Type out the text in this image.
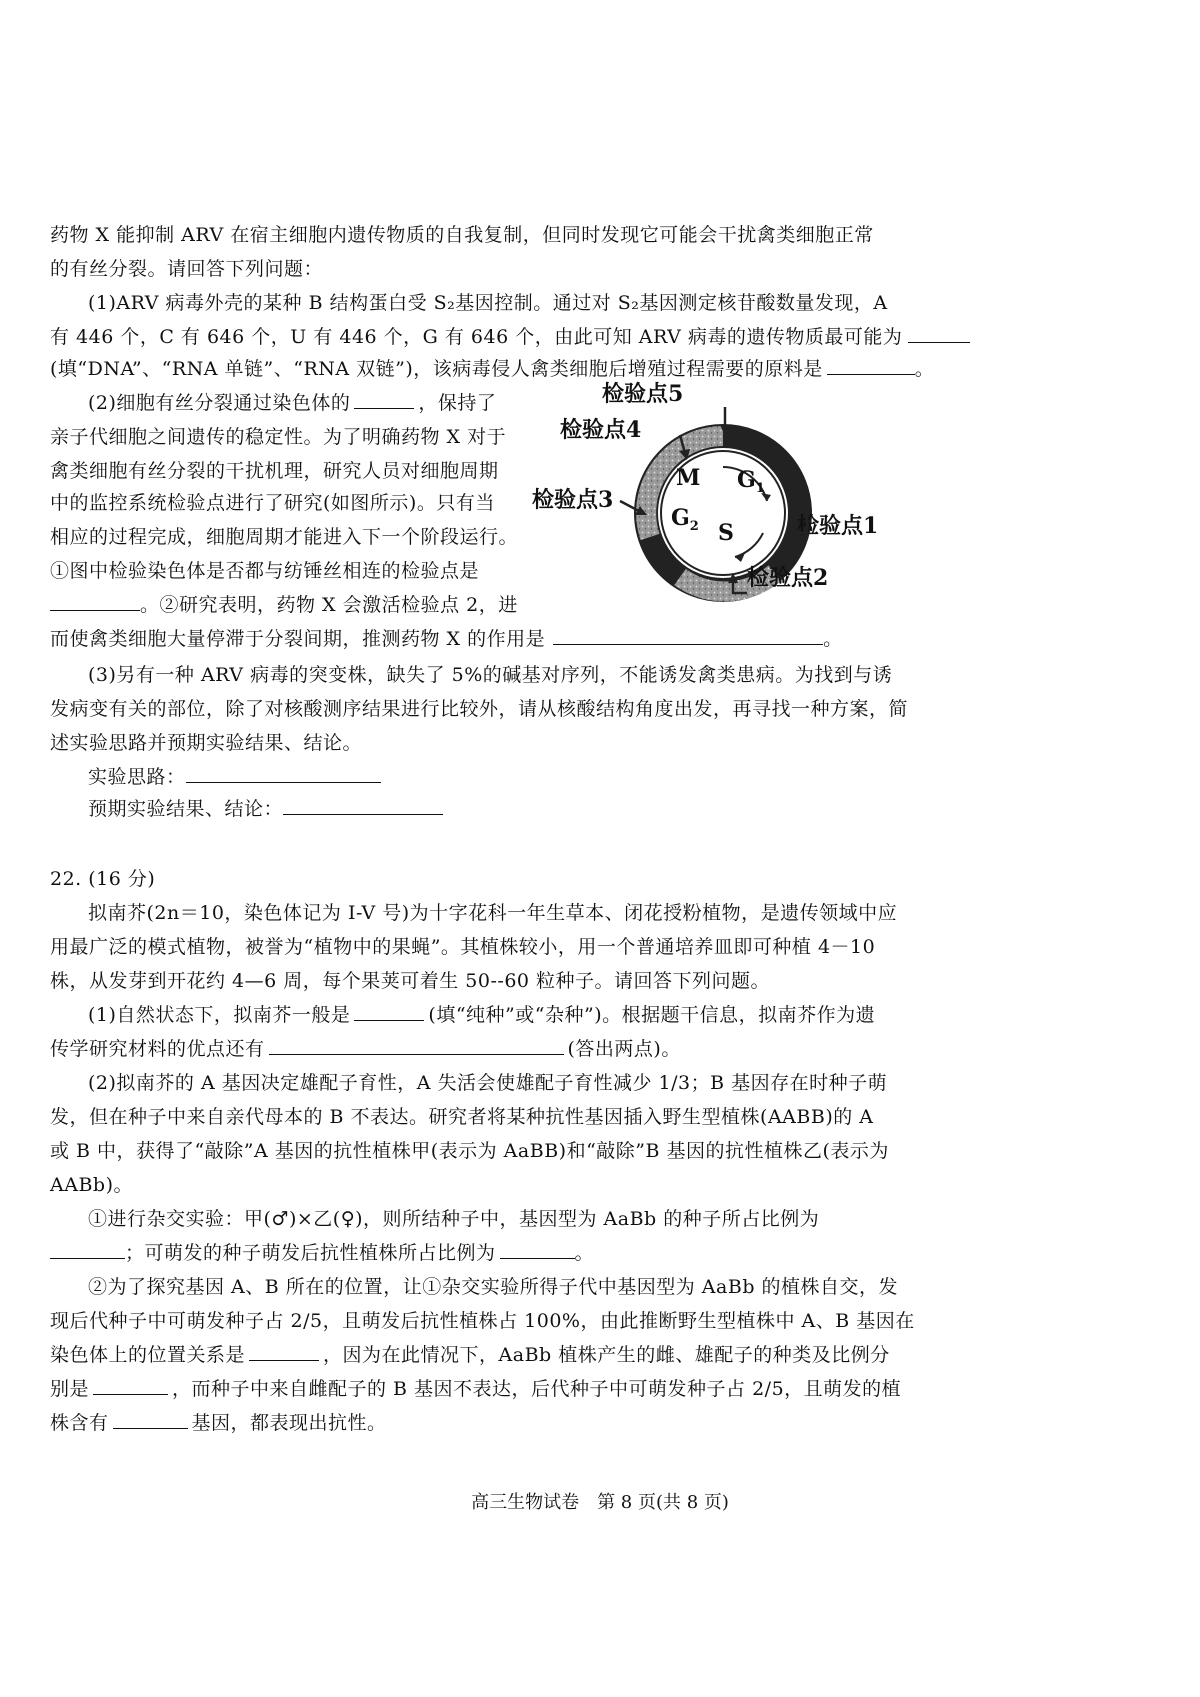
药物 X 能抑制 ARV 在宿主细胞内遗传物质的自我复制，但同时发现它可能会干扰禽类细胞正常
的有丝分裂。请回答下列问题：
(1)ARV 病毒外壳的某种 B 结构蛋白受 S₂基因控制。通过对 S₂基因测定核苷酸数量发现，A
有 446 个，C 有 646 个，U 有 446 个，G 有 646 个，由此可知 ARV 病毒的遗传物质最可能为
(填“DNA”、“RNA 单链”、“RNA 双链”)，该病毒侵人禽类细胞后增殖过程需要的原料是	。
(2)细胞有丝分裂通过染色体的	，保持了
亲子代细胞之间遗传的稳定性。为了明确药物 X 对于
禽类细胞有丝分裂的干扰机理，研究人员对细胞周期
中的监控系统检验点进行了研究(如图所示)。只有当
相应的过程完成，细胞周期才能进入下一个阶段运行。
①图中检验染色体是否都与纺锤丝相连的检验点是
。②研究表明，药物 X 会激活检验点 2，进
而使禽类细胞大量停滞于分裂间期，推测药物 X 的作用是	。
M $G_1$
$G_2$ S
检验点5
检验点4
检验点3
检验点1
检验点2
(3)另有一种 ARV 病毒的突变株，缺失了 5%的碱基对序列，不能诱发禽类患病。为找到与诱
发病变有关的部位，除了对核酸测序结果进行比较外，请从核酸结构角度出发，再寻找一种方案，简
述实验思路并预期实验结果、结论。
实验思路：
预期实验结果、结论：
22. (16 分)
拟南芥(2n＝10，染色体记为 I-V 号)为十字花科一年生草本、闭花授粉植物，是遗传领域中应
用最广泛的模式植物，被誉为“植物中的果蝇”。其植株较小，用一个普通培养皿即可种植 4－10
株，从发芽到开花约 4—6 周，每个果荚可着生 50--60 粒种子。请回答下列问题。
(1)自然状态下，拟南芥一般是	(填“纯种”或“杂种”)。根据题干信息，拟南芥作为遗
传学研究材料的优点还有	(答出两点)。
(2)拟南芥的 A 基因决定雄配子育性，A 失活会使雄配子育性减少 1/3；B 基因存在时种子萌
发，但在种子中来自亲代母本的 B 不表达。研究者将某种抗性基因插入野生型植株(AABB)的 A
或 B 中，获得了“敲除”A 基因的抗性植株甲(表示为 AaBB)和“敲除”B 基因的抗性植株乙(表示为
AABb)。
①进行杂交实验：甲(♂)×乙(♀)，则所结种子中，基因型为 AaBb 的种子所占比例为
；可萌发的种子萌发后抗性植株所占比例为	。
②为了探究基因 A、B 所在的位置，让①杂交实验所得子代中基因型为 AaBb 的植株自交，发
现后代种子中可萌发种子占 2/5，且萌发后抗性植株占 100%，由此推断野生型植株中 A、B 基因在
染色体上的位置关系是	，因为在此情况下，AaBb 植株产生的雌、雄配子的种类及比例分
别是	，而种子中来自雌配子的 B 基因不表达，后代种子中可萌发种子占 2/5，且萌发的植
株含有	基因，都表现出抗性。
高三生物试卷　第 8 页(共 8 页)
